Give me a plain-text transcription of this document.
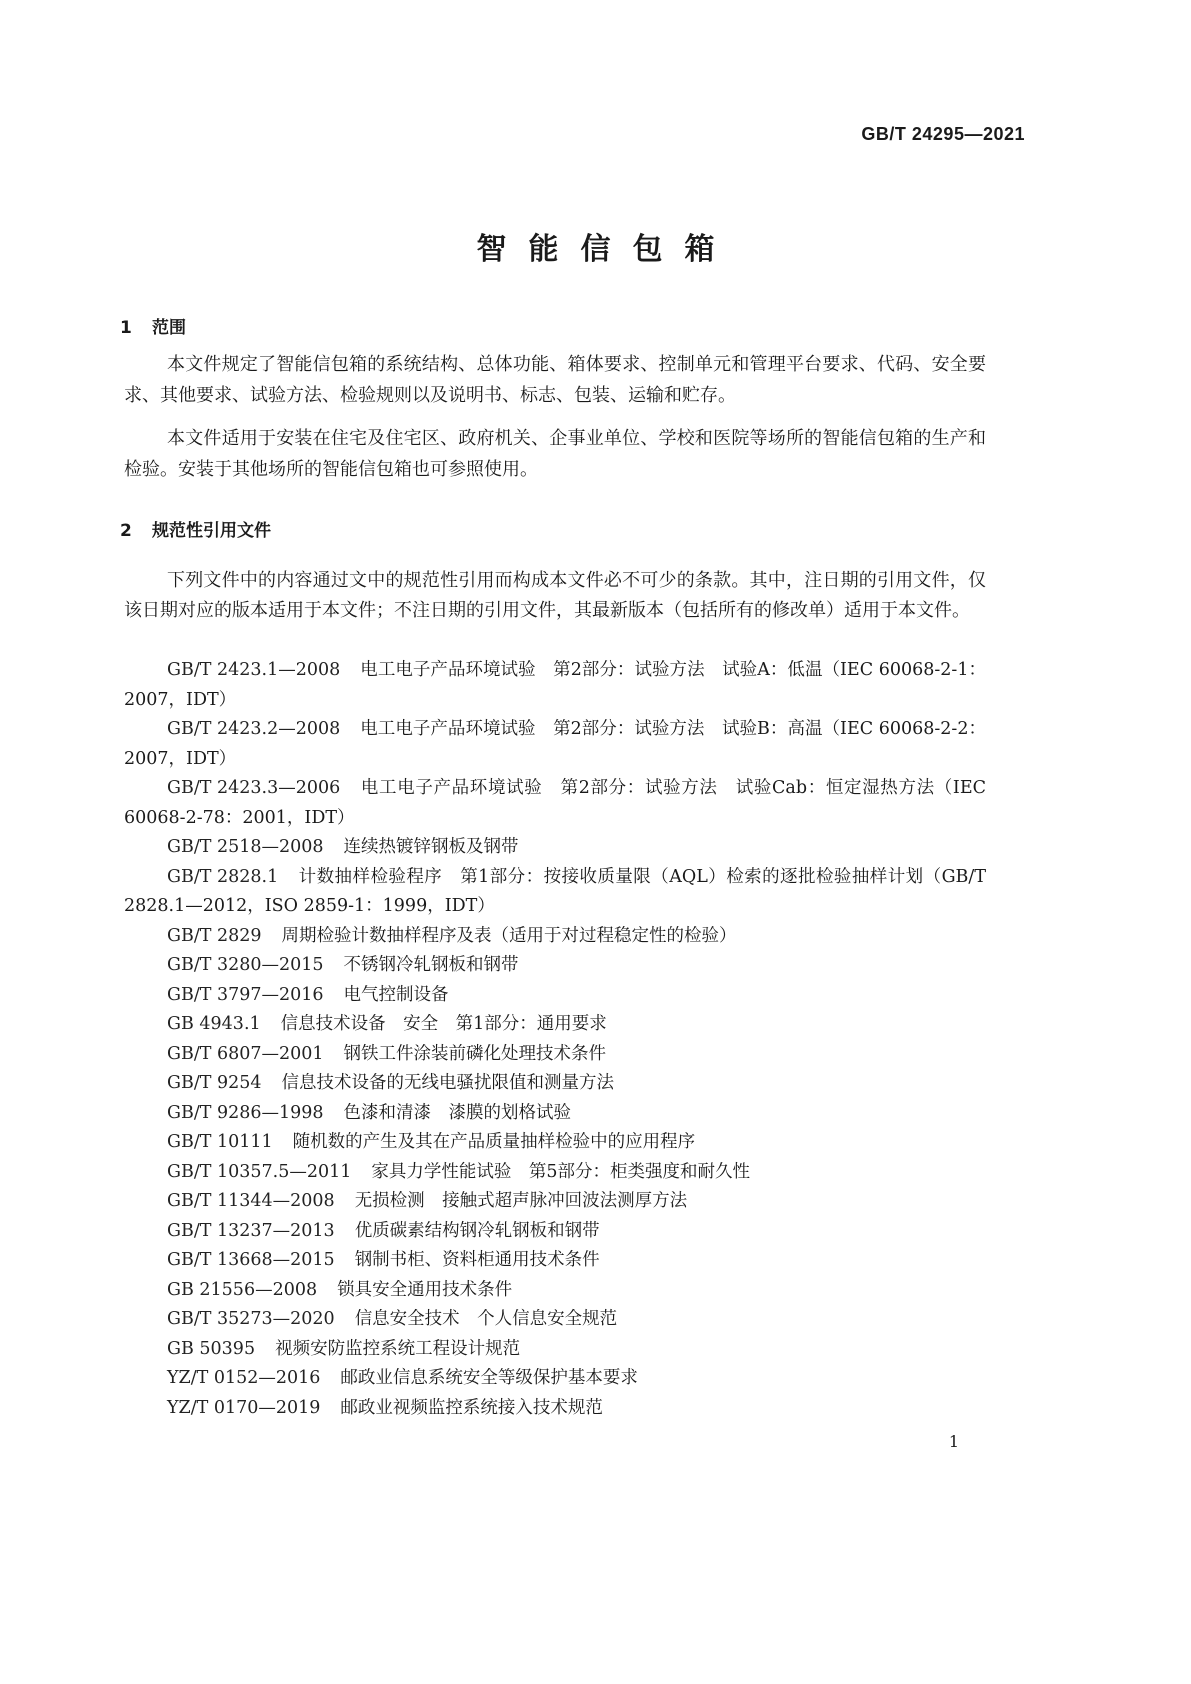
GB/T 24295—2021
智能信包箱
1 范围

本文件规定了智能信包箱的系统结构、总体功能、箱体要求、控制单元和管理平台要求、代码、安全要求、其他要求、试验方法、检验规则以及说明书、标志、包装、运输和贮存。

本文件适用于安装在住宅及住宅区、政府机关、企事业单位、学校和医院等场所的智能信包箱的生产和检验。安装于其他场所的智能信包箱也可参照使用。

2 规范性引用文件

下列文件中的内容通过文中的规范性引用而构成本文件必不可少的条款。其中，注日期的引用文件，仅该日期对应的版本适用于本文件；不注日期的引用文件，其最新版本（包括所有的修改单）适用于本文件。

GB/T 2423.1—2008 电工电子产品环境试验　第2部分：试验方法　试验A：低温（IEC 60068-2-1：2007，IDT）
GB/T 2423.2—2008 电工电子产品环境试验　第2部分：试验方法　试验B：高温（IEC 60068-2-2：2007，IDT）
GB/T 2423.3—2006 电工电子产品环境试验　第2部分：试验方法　试验Cab：恒定湿热方法（IEC 60068-2-78：2001，IDT）
GB/T 2518—2008 连续热镀锌钢板及钢带
GB/T 2828.1 计数抽样检验程序　第1部分：按接收质量限（AQL）检索的逐批检验抽样计划（GB/T 2828.1—2012，ISO 2859-1：1999，IDT）
GB/T 2829 周期检验计数抽样程序及表（适用于对过程稳定性的检验）
GB/T 3280—2015 不锈钢冷轧钢板和钢带
GB/T 3797—2016 电气控制设备
GB 4943.1 信息技术设备　安全　第1部分：通用要求
GB/T 6807—2001 钢铁工件涂装前磷化处理技术条件
GB/T 9254 信息技术设备的无线电骚扰限值和测量方法
GB/T 9286—1998 色漆和清漆　漆膜的划格试验
GB/T 10111 随机数的产生及其在产品质量抽样检验中的应用程序
GB/T 10357.5—2011 家具力学性能试验　第5部分：柜类强度和耐久性
GB/T 11344—2008 无损检测　接触式超声脉冲回波法测厚方法
GB/T 13237—2013 优质碳素结构钢冷轧钢板和钢带
GB/T 13668—2015 钢制书柜、资料柜通用技术条件
GB 21556—2008 锁具安全通用技术条件
GB/T 35273—2020 信息安全技术　个人信息安全规范
GB 50395 视频安防监控系统工程设计规范
YZ/T 0152—2016 邮政业信息系统安全等级保护基本要求
YZ/T 0170—2019 邮政业视频监控系统接入技术规范
1
